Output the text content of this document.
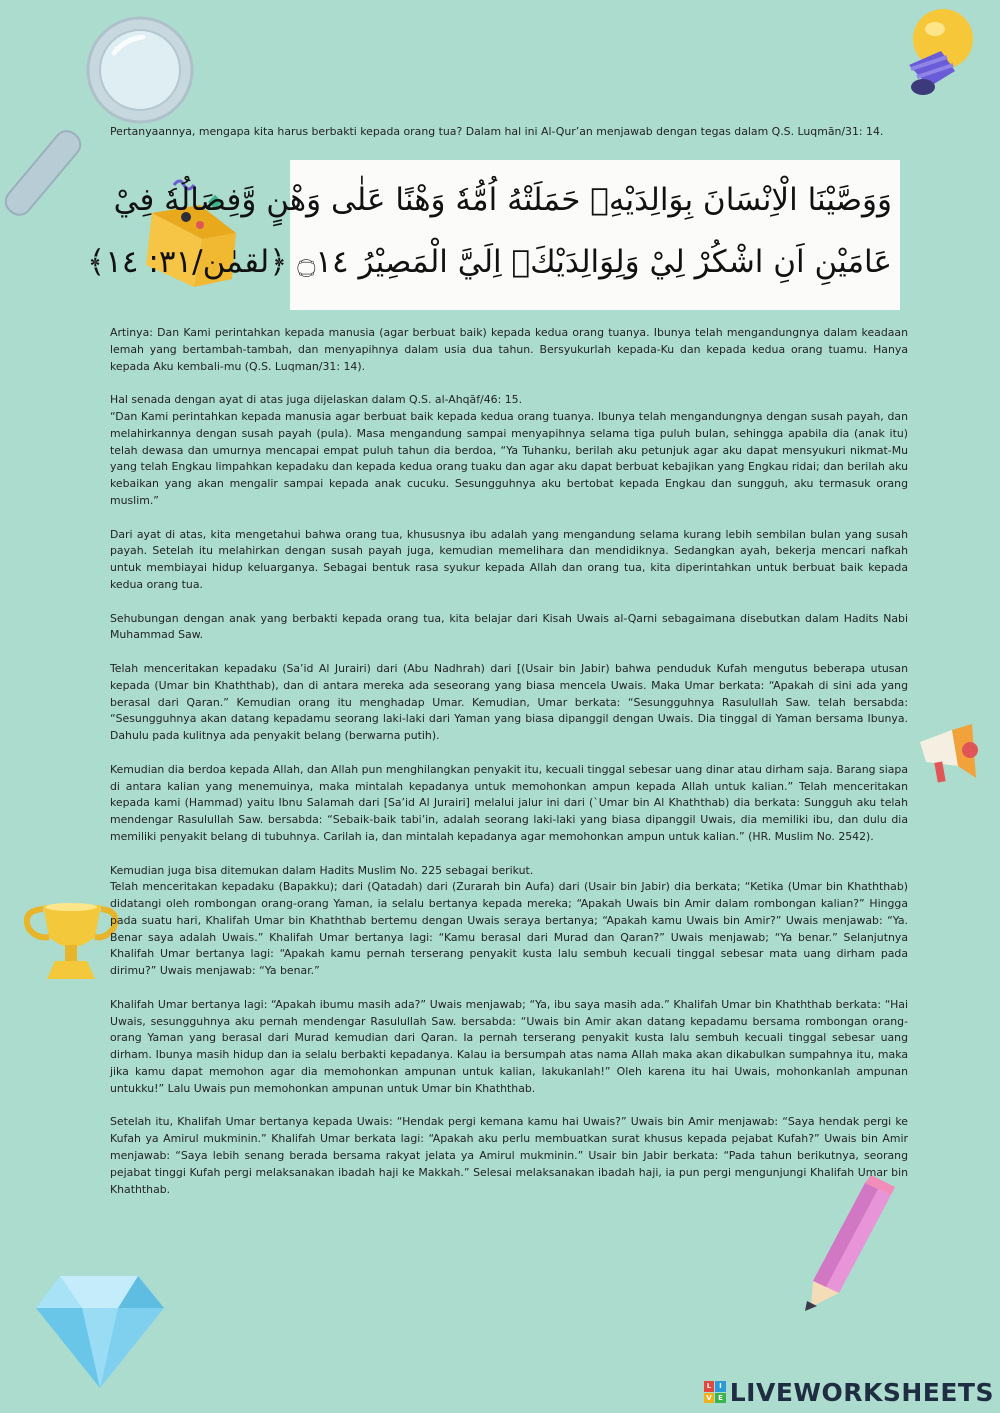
Pertanyaannya, mengapa kita harus berbakti kepada orang tua? Dalam hal ini Al-Qur’an menjawab dengan tegas dalam Q.S. Luqmān/31: 14.
وَوَصَّيْنَا الْاِنْسَانَ بِوَالِدَيْهِۚ حَمَلَتْهُ اُمُّهٗ وَهْنًا عَلٰى وَهْنٍ وَّفِصَالُهٗ فِيْ
عَامَيْنِ اَنِ اشْكُرْ لِيْ وَلِوَالِدَيْكَۗ اِلَيَّ الْمَصِيْرُ ۝١٤ ﴿لقمٰن/٣١: ١٤﴾

Artinya: Dan Kami perintahkan kepada manusia (agar berbuat baik) kepada kedua orang tuanya. Ibunya telah mengandungnya dalam keadaan lemah yang bertambah-tambah, dan menyapihnya dalam usia dua tahun. Bersyukurlah kepada-Ku dan kepada kedua orang tuamu. Hanya kepada Aku kembali-mu (Q.S. Luqman/31: 14).

Hal senada dengan ayat di atas juga dijelaskan dalam Q.S. al-Ahqāf/46: 15.

“Dan Kami perintahkan kepada manusia agar berbuat baik kepada kedua orang tuanya. Ibunya telah mengandungnya dengan susah payah, dan melahirkannya dengan susah payah (pula). Masa mengandung sampai menyapihnya selama tiga puluh bulan, sehingga apabila dia (anak itu) telah dewasa dan umurnya mencapai empat puluh tahun dia berdoa, “Ya Tuhanku, berilah aku petunjuk agar aku dapat mensyukuri nikmat-Mu yang telah Engkau limpahkan kepadaku dan kepada kedua orang tuaku dan agar aku dapat berbuat kebajikan yang Engkau ridai; dan berilah aku kebaikan yang akan mengalir sampai kepada anak cucuku. Sesungguhnya aku bertobat kepada Engkau dan sungguh, aku termasuk orang muslim.”

Dari ayat di atas, kita mengetahui bahwa orang tua, khususnya ibu adalah yang mengandung selama kurang lebih sembilan bulan yang susah payah. Setelah itu melahirkan dengan susah payah juga, kemudian memelihara dan mendidiknya. Sedangkan ayah, bekerja mencari nafkah untuk membiayai hidup keluarganya. Sebagai bentuk rasa syukur kepada Allah dan orang tua, kita diperintahkan untuk berbuat baik kepada kedua orang tua.

Sehubungan dengan anak yang berbakti kepada orang tua, kita belajar dari Kisah Uwais al-Qarni sebagaimana disebutkan dalam Hadits Nabi Muhammad Saw.

Telah menceritakan kepadaku (Sa’id Al Jurairi) dari (Abu Nadhrah) dari [(Usair bin Jabir) bahwa penduduk Kufah mengutus beberapa utusan kepada (Umar bin Khaththab), dan di antara mereka ada seseorang yang biasa mencela Uwais. Maka Umar berkata: “Apakah di sini ada yang berasal dari Qaran.” Kemudian orang itu menghadap Umar. Kemudian, Umar berkata: “Sesungguhnya Rasulullah Saw. telah bersabda: “Sesungguhnya akan datang kepadamu seorang laki-laki dari Yaman yang biasa dipanggil dengan Uwais. Dia tinggal di Yaman bersama Ibunya. Dahulu pada kulitnya ada penyakit belang (berwarna putih).

Kemudian dia berdoa kepada Allah, dan Allah pun menghilangkan penyakit itu, kecuali tinggal sebesar uang dinar atau dirham saja. Barang siapa di antara kalian yang menemuinya, maka mintalah kepadanya untuk memohonkan ampun kepada Allah untuk kalian.” Telah menceritakan kepada kami (Hammad) yaitu Ibnu Salamah dari [Sa’id Al Jurairi] melalui jalur ini dari (`Umar bin Al Khaththab) dia berkata: Sungguh aku telah mendengar Rasulullah Saw. bersabda: “Sebaik-baik tabi’in, adalah seorang laki-laki yang biasa dipanggil Uwais, dia memiliki ibu, dan dulu dia memiliki penyakit belang di tubuhnya. Carilah ia, dan mintalah kepadanya agar memohonkan ampun untuk kalian.” (HR. Muslim No. 2542).

Kemudian juga bisa ditemukan dalam Hadits Muslim No. 225 sebagai berikut.

Telah menceritakan kepadaku (Bapakku); dari (Qatadah) dari (Zurarah bin Aufa) dari (Usair bin Jabir) dia berkata; “Ketika (Umar bin Khaththab) didatangi oleh rombongan orang-orang Yaman, ia selalu bertanya kepada mereka; “Apakah Uwais bin Amir dalam rombongan kalian?” Hingga pada suatu hari, Khalifah Umar bin Khaththab bertemu dengan Uwais seraya bertanya; “Apakah kamu Uwais bin Amir?” Uwais menjawab: “Ya. Benar saya adalah Uwais.” Khalifah Umar bertanya lagi: “Kamu berasal dari Murad dan Qaran?” Uwais menjawab; “Ya benar.” Selanjutnya Khalifah Umar bertanya lagi: “Apakah kamu pernah terserang penyakit kusta lalu sembuh kecuali tinggal sebesar mata uang dirham pada dirimu?” Uwais menjawab: “Ya benar.”

Khalifah Umar bertanya lagi: “Apakah ibumu masih ada?” Uwais menjawab; “Ya, ibu saya masih ada.” Khalifah Umar bin Khaththab berkata: “Hai Uwais, sesungguhnya aku pernah mendengar Rasulullah Saw. bersabda: “Uwais bin Amir akan datang kepadamu bersama rombongan orang-orang Yaman yang berasal dari Murad kemudian dari Qaran. Ia pernah terserang penyakit kusta lalu sembuh kecuali tinggal sebesar uang dirham. Ibunya masih hidup dan ia selalu berbakti kepadanya. Kalau ia bersumpah atas nama Allah maka akan dikabulkan sumpahnya itu, maka jika kamu dapat memohon agar dia memohonkan ampunan untuk kalian, lakukanlah!” Oleh karena itu hai Uwais, mohonkanlah ampunan untukku!” Lalu Uwais pun memohonkan ampunan untuk Umar bin Khaththab.

Setelah itu, Khalifah Umar bertanya kepada Uwais: “Hendak pergi kemana kamu hai Uwais?” Uwais bin Amir menjawab: “Saya hendak pergi ke Kufah ya Amirul mukminin.” Khalifah Umar berkata lagi: “Apakah aku perlu membuatkan surat khusus kepada pejabat Kufah?” Uwais bin Amir menjawab: “Saya lebih senang berada bersama rakyat jelata ya Amirul mukminin.” Usair bin Jabir berkata: “Pada tahun berikutnya, seorang pejabat tinggi Kufah pergi melaksanakan ibadah haji ke Makkah.” Selesai melaksanakan ibadah haji, ia pun pergi mengunjungi Khalifah Umar bin Khaththab.

L	I
V E LIVEWORKSHEETS
